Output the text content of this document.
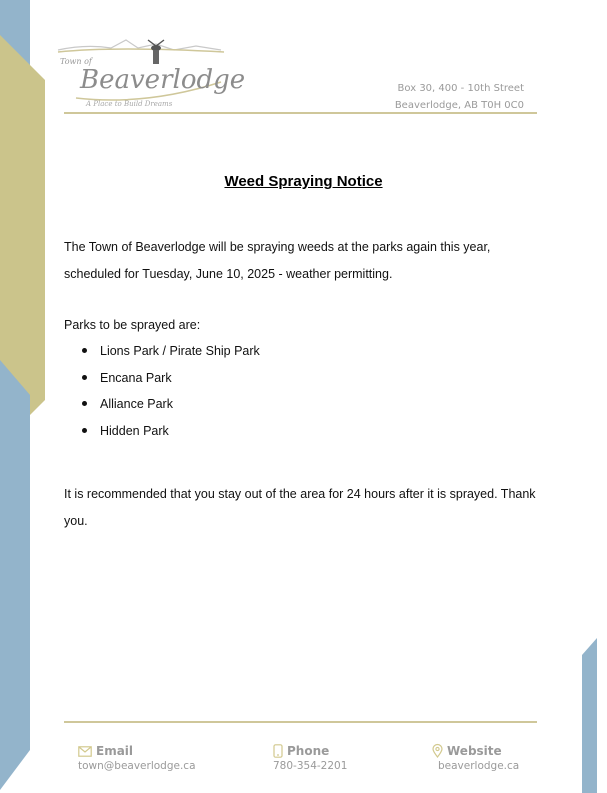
Town of
Beaverlodge
A Place to Build Dreams
Box 30, 400 - 10th Street
Beaverlodge, AB T0H 0C0
Weed Spraying Notice
The Town of Beaverlodge will be spraying weeds at the parks again this year, scheduled for Tuesday, June 10, 2025 - weather permitting.
Parks to be sprayed are:
Lions Park / Pirate Ship Park
Encana Park
Alliance Park
Hidden Park
It is recommended that you stay out of the area for 24 hours after it is sprayed. Thank you.
Email
town@beaverlodge.ca
Phone
780-354-2201
Website
beaverlodge.ca
